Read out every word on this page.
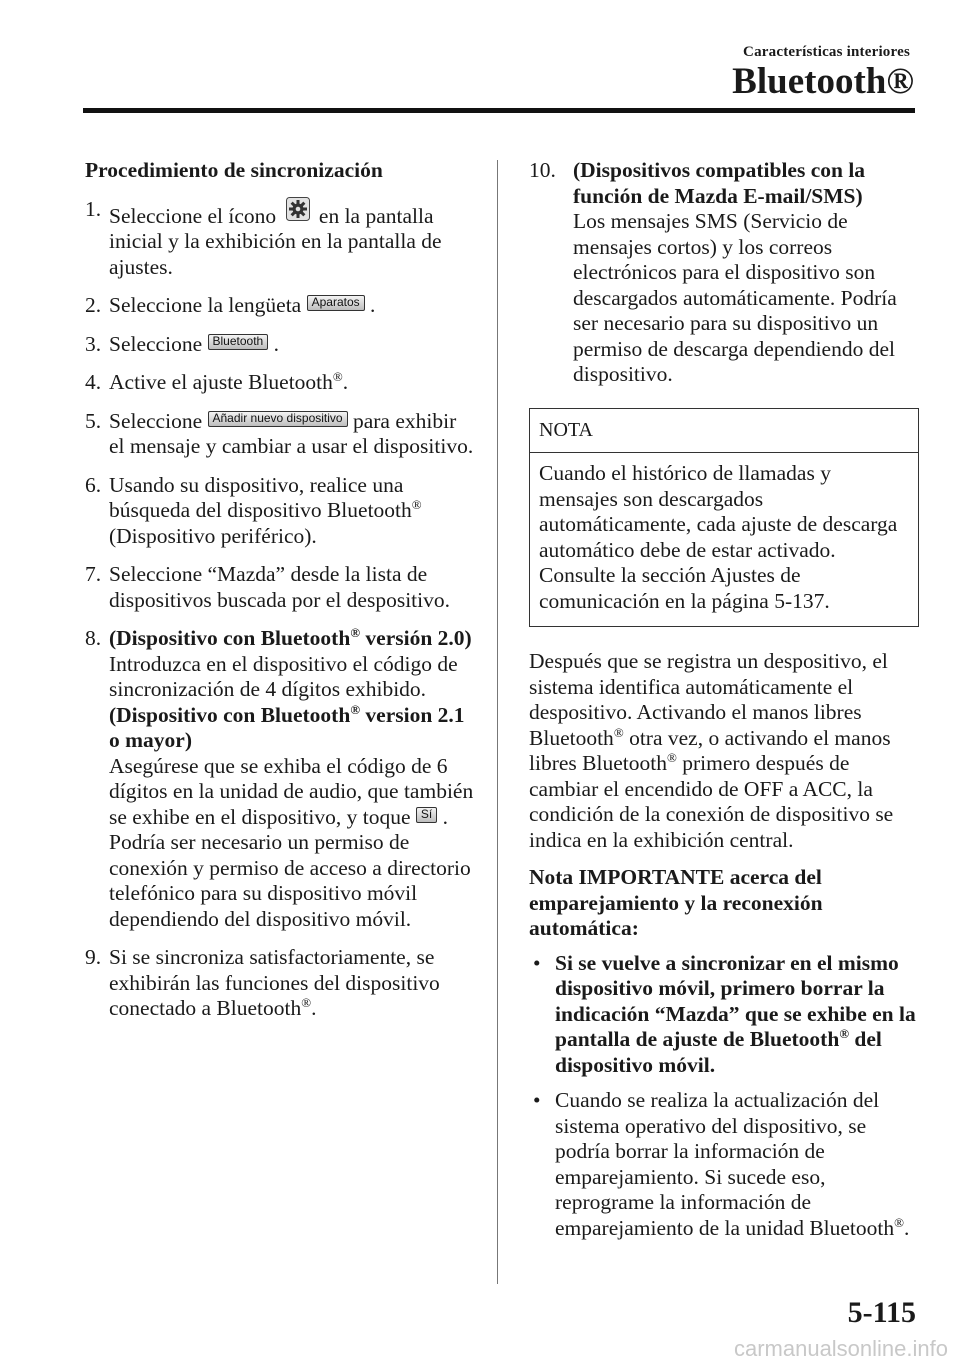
Características interiores
Bluetooth®
Procedimiento de sincronización
1. Seleccione el ícono en la pantalla inicial y la exhibición en la pantalla de ajustes.
2. Seleccione la lengüeta Aparatos .
3. Seleccione Bluetooth .
4. Active el ajuste Bluetooth®.
5. Seleccione Añadir nuevo dispositivo para exhibir el mensaje y cambiar a usar el dispositivo.
6. Usando su dispositivo, realice una búsqueda del dispositivo Bluetooth®
(Dispositivo periférico).
7. Seleccione “Mazda” desde la lista de dispositivos buscada por el despositivo.
8. (Dispositivo con Bluetooth® versión 2.0)
Introduzca en el dispositivo el código de sincronización de 4 dígitos exhibido.
(Dispositivo con Bluetooth® version 2.1 o mayor)
Asegúrese que se exhiba el código de 6 dígitos en la unidad de audio, que también se exhibe en el dispositivo, y toque Sí .
Podría ser necesario un permiso de conexión y permiso de acceso a directorio telefónico para su dispositivo móvil dependiendo del dispositivo móvil.
9. Si se sincroniza satisfactoriamente, se exhibirán las funciones del dispositivo conectado a Bluetooth®.
10. (Dispositivos compatibles con la función de Mazda E-mail/SMS)
Los mensajes SMS (Servicio de mensajes cortos) y los correos electrónicos para el dispositivo son descargados automáticamente. Podría ser necesario para su dispositivo un permiso de descarga dependiendo del dispositivo.
NOTA
Cuando el histórico de llamadas y mensajes son descargados automáticamente, cada ajuste de descarga automático debe de estar activado. Consulte la sección Ajustes de comunicación en la página 5-137.
Después que se registra un despositivo, el sistema identifica automáticamente el despositivo. Activando el manos libres Bluetooth® otra vez, o activando el manos libres Bluetooth® primero después de cambiar el encendido de OFF a ACC, la condición de la conexión de dispositivo se indica en la exhibición central.
Nota IMPORTANTE acerca del emparejamiento y la reconexión automática:
• Si se vuelve a sincronizar en el mismo dispositivo móvil, primero borrar la indicación “Mazda” que se exhibe en la pantalla de ajuste de Bluetooth® del dispositivo móvil.
• Cuando se realiza la actualización del sistema operativo del dispositivo, se podría borrar la información de emparejamiento. Si sucede eso, reprograme la información de emparejamiento de la unidad Bluetooth®.
5-115
carmanualsonline.info
